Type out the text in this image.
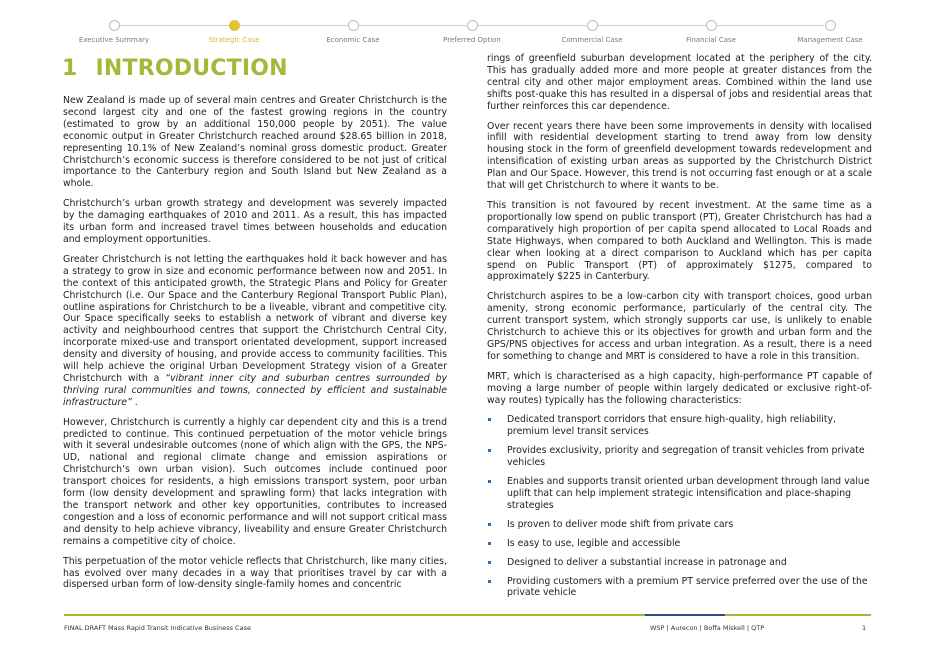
Executive Summary	Strategic Case	Economic Case	Preferred Option	Commercial Case	Financial Case	Management Case
1 INTRODUCTION

New Zealand is made up of several main centres and Greater Christchurch is the second largest city and one of the fastest growing regions in the country (estimated to grow by an additional 150,000 people by 2051). The value economic output in Greater Christchurch reached around $28.65 billion in 2018, representing 10.1% of New Zealand’s nominal gross domestic product. Greater Christchurch’s economic success is therefore considered to be not just of critical importance to the Canterbury region and South Island but New Zealand as a whole.

Christchurch’s urban growth strategy and development was severely impacted by the damaging earthquakes of 2010 and 2011. As a result, this has impacted its urban form and increased travel times between households and education and employment opportunities.

Greater Christchurch is not letting the earthquakes hold it back however and has a strategy to grow in size and economic performance between now and 2051. In the context of this anticipated growth, the Strategic Plans and Policy for Greater Christchurch (i.e. Our Space and the Canterbury Regional Transport Public Plan), outline aspirations for Christchurch to be a liveable, vibrant and competitive city. Our Space specifically seeks to establish a network of vibrant and diverse key activity and neighbourhood centres that support the Christchurch Central City, incorporate mixed-use and transport orientated development, support increased density and diversity of housing, and provide access to community facilities. This will help achieve the original Urban Development Strategy vision of a Greater Christchurch with a “vibrant inner city and suburban centres surrounded by thriving rural communities and towns, connected by efficient and sustainable infrastructure” .

However, Christchurch is currently a highly car dependent city and this is a trend predicted to continue. This continued perpetuation of the motor vehicle brings with it several undesirable outcomes (none of which align with the GPS, the NPS-UD, national and regional climate change and emission aspirations or Christchurch’s own urban vision). Such outcomes include continued poor transport choices for residents, a high emissions transport system, poor urban form (low density development and sprawling form) that lacks integration with the transport network and other key opportunities, contributes to increased congestion and a loss of economic performance and will not support critical mass and density to help achieve vibrancy, liveability and ensure Greater Christchurch remains a competitive city of choice.

This perpetuation of the motor vehicle reflects that Christchurch, like many cities, has evolved over many decades in a way that prioritises travel by car with a dispersed urban form of low-density single-family homes and concentric

rings of greenfield suburban development located at the periphery of the city. This has gradually added more and more people at greater distances from the central city and other major employment areas. Combined within the land use shifts post-quake this has resulted in a dispersal of jobs and residential areas that further reinforces this car dependence.

Over recent years there have been some improvements in density with localised infill with residential development starting to trend away from low density housing stock in the form of greenfield development towards redevelopment and intensification of existing urban areas as supported by the Christchurch District Plan and Our Space. However, this trend is not occurring fast enough or at a scale that will get Christchurch to where it wants to be.

This transition is not favoured by recent investment. At the same time as a proportionally low spend on public transport (PT), Greater Christchurch has had a comparatively high proportion of per capita spend allocated to Local Roads and State Highways, when compared to both Auckland and Wellington. This is made clear when looking at a direct comparison to Auckland which has per capita spend on Public Transport (PT) of approximately $1275, compared to approximately $225 in Canterbury.

Christchurch aspires to be a low-carbon city with transport choices, good urban amenity, strong economic performance, particularly of the central city. The current transport system, which strongly supports car use, is unlikely to enable Christchurch to achieve this or its objectives for growth and urban form and the GPS/PNS objectives for access and urban integration. As a result, there is a need for something to change and MRT is considered to have a role in this transition.

MRT, which is characterised as a high capacity, high-performance PT capable of moving a large number of people within largely dedicated or exclusive right-of-way routes) typically has the following characteristics:

Dedicated transport corridors that ensure high-quality, high reliability, premium level transit services
Provides exclusivity, priority and segregation of transit vehicles from private vehicles
Enables and supports transit oriented urban development through land value uplift that can help implement strategic intensification and place-shaping strategies
Is proven to deliver mode shift from private cars
Is easy to use, legible and accessible
Designed to deliver a substantial increase in patronage and
Providing customers with a premium PT service preferred over the use of the private vehicle
FINAL DRAFT Mass Rapid Transit Indicative Business Case	WSP | Aurecon | Boffa Miskell | QTP	1
